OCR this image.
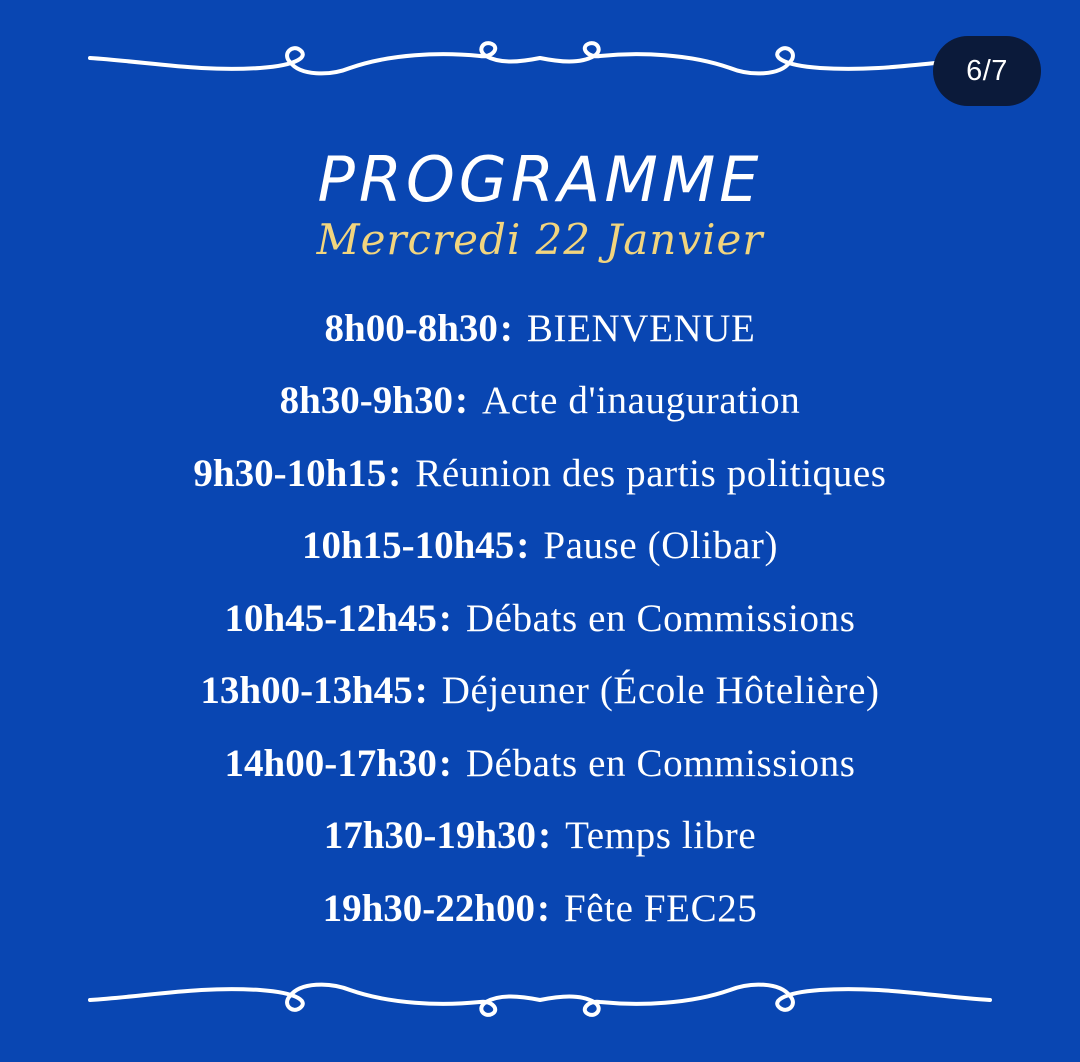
6/7
PROGRAMME
Mercredi 22 Janvier
8h00-8h30 : BIENVENUE
8h30-9h30 : Acte d'inauguration
9h30-10h15 : Réunion des partis politiques
10h15-10h45 : Pause (Olibar)
10h45-12h45 : Débats en Commissions
13h00-13h45 : Déjeuner (École Hôtelière)
14h00-17h30 : Débats en Commissions
17h30-19h30 : Temps libre
19h30-22h00 : Fête FEC25
